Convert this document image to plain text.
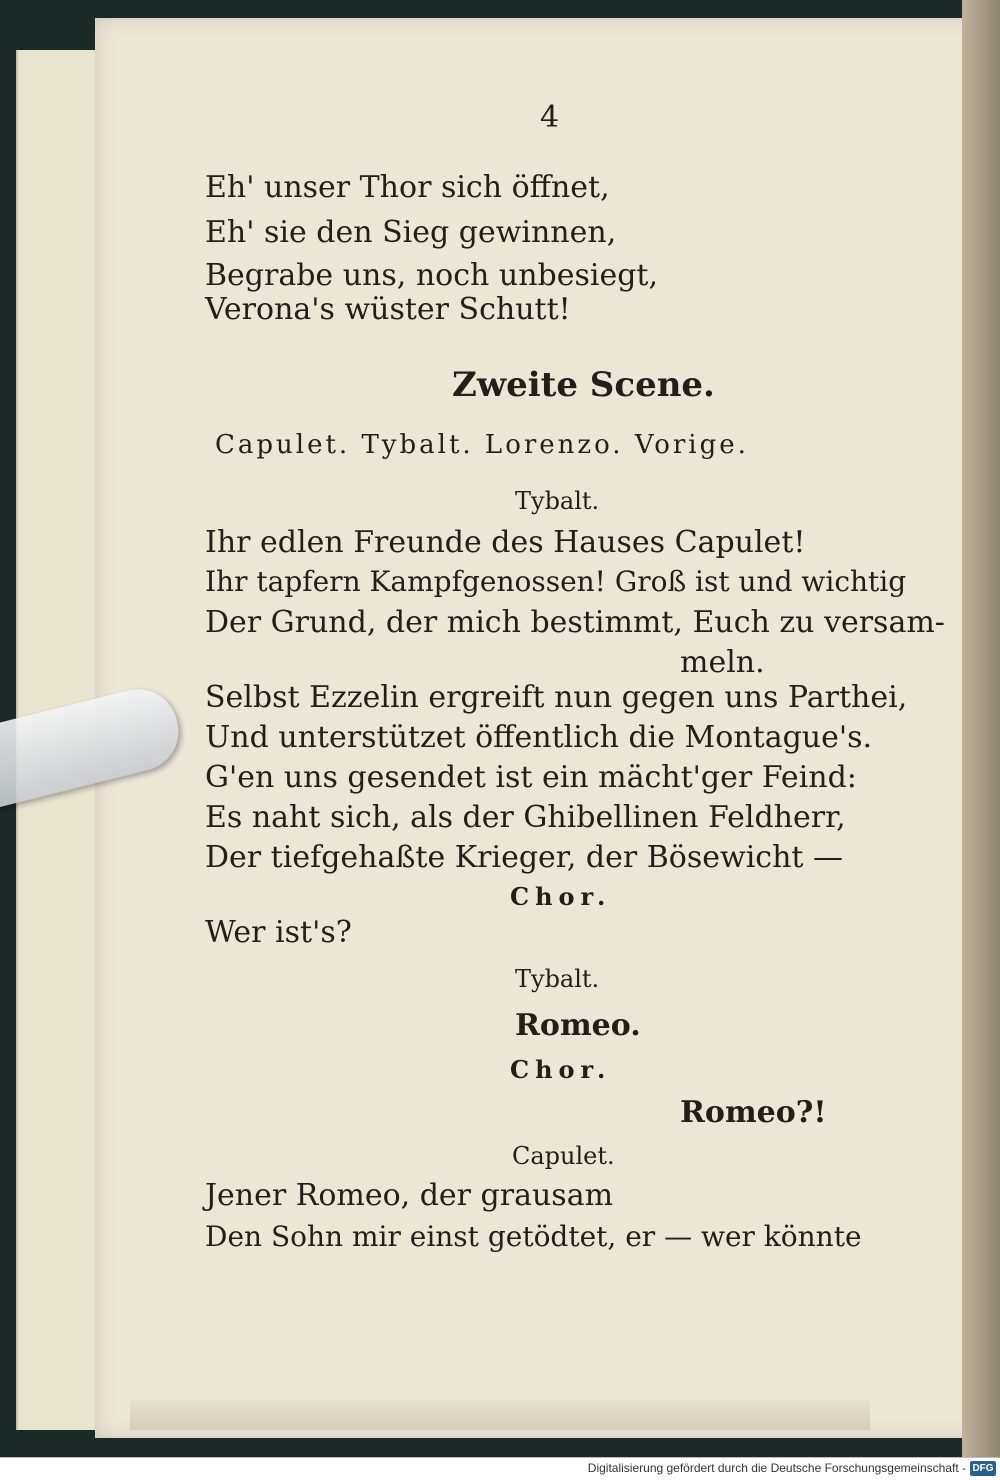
4
Eh' unser Thor sich öffnet,
Eh' sie den Sieg gewinnen,
Begrabe uns, noch unbesiegt,
Verona's wüster Schutt!
Zweite Scene.
Capulet. Tybalt. Lorenzo. Vorige.
Tybalt.
Ihr edlen Freunde des Hauses Capulet!
Ihr tapfern Kampfgenossen! Groß ist und wichtig
Der Grund, der mich bestimmt, Euch zu versam-
meln.
Selbst Ezzelin ergreift nun gegen uns Parthei,
Und unterstützet öffentlich die Montague's.
G'en uns gesendet ist ein mächt'ger Feind:
Es naht sich, als der Ghibellinen Feldherr,
Der tiefgehaßte Krieger, der Bösewicht —
Chor.
Wer ist's?
Tybalt.
Romeo.
Chor.
Romeo?!
Capulet.
Jener Romeo, der grausam
Den Sohn mir einst getödtet, er — wer könnte
Digitalisierung gefördert durch die Deutsche Forschungsgemeinschaft - DFG
